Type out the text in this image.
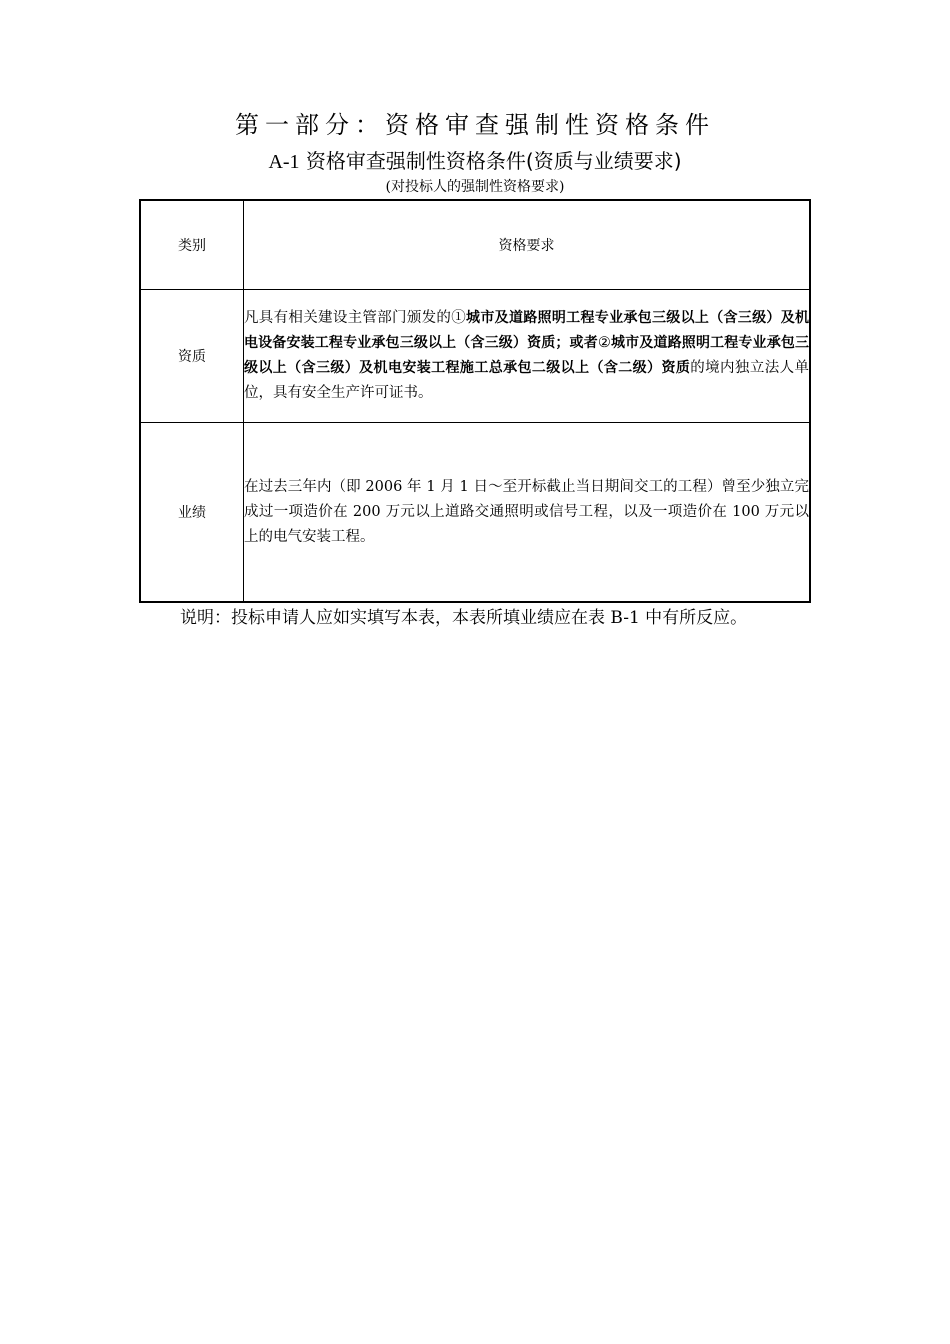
第一部分：资格审查强制性资格条件
A-1 资格审查强制性资格条件(资质与业绩要求)
(对投标人的强制性资格要求)
类别	资格要求
资质	凡具有相关建设主管部门颁发的①城市及道路照明工程专业承包三级以上（含三级）及机电设备安装工程专业承包三级以上（含三级）资质；或者②城市及道路照明工程专业承包三级以上（含三级）及机电安装工程施工总承包二级以上（含二级）资质的境内独立法人单位，具有安全生产许可证书。
业绩	在过去三年内（即 2006 年 1 月 1 日～至开标截止当日期间交工的工程）曾至少独立完成过一项造价在 200 万元以上道路交通照明或信号工程，以及一项造价在 100 万元以上的电气安装工程。
说明：投标申请人应如实填写本表，本表所填业绩应在表 B-1 中有所反应。
